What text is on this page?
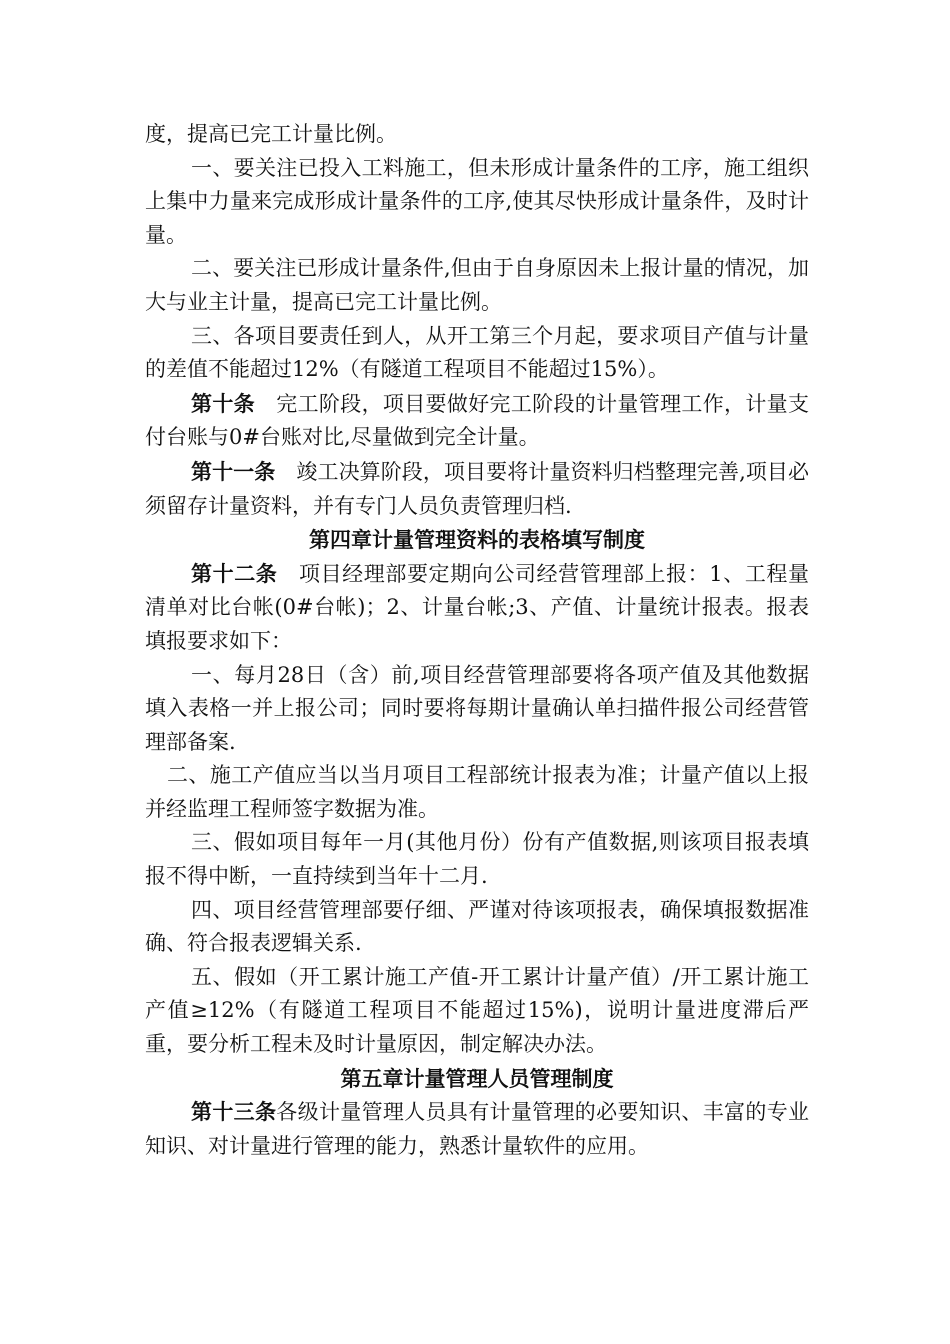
度，提高已完工计量比例。

一、要关注已投入工料施工，但未形成计量条件的工序，施工组织上集中力量来完成形成计量条件的工序,使其尽快形成计量条件，及时计量。

二、要关注已形成计量条件,但由于自身原因未上报计量的情况，加大与业主计量，提高已完工计量比例。

三、各项目要责任到人，从开工第三个月起，要求项目产值与计量的差值不能超过12%（有隧道工程项目不能超过15%）。

第十条　完工阶段，项目要做好完工阶段的计量管理工作，计量支付台账与0#台账对比,尽量做到完全计量。

第十一条　竣工决算阶段，项目要将计量资料归档整理完善,项目必须留存计量资料，并有专门人员负责管理归档.

第四章计量管理资料的表格填写制度

第十二条　项目经理部要定期向公司经营管理部上报：1、工程量清单对比台帐(0#台帐)；2、计量台帐;3、产值、计量统计报表。报表填报要求如下：

一、每月28日（含）前,项目经营管理部要将各项产值及其他数据填入表格一并上报公司；同时要将每期计量确认单扫描件报公司经营管理部备案.

二、施工产值应当以当月项目工程部统计报表为准；计量产值以上报并经监理工程师签字数据为准。

三、假如项目每年一月(其他月份）份有产值数据,则该项目报表填报不得中断，一直持续到当年十二月.

四、项目经营管理部要仔细、严谨对待该项报表，确保填报数据准确、符合报表逻辑关系.

五、假如（开工累计施工产值-开工累计计量产值）/开工累计施工产值≥12%（有隧道工程项目不能超过15%)，说明计量进度滞后严重，要分析工程未及时计量原因，制定解决办法。

第五章计量管理人员管理制度

第十三条各级计量管理人员具有计量管理的必要知识、丰富的专业知识、对计量进行管理的能力，熟悉计量软件的应用。
